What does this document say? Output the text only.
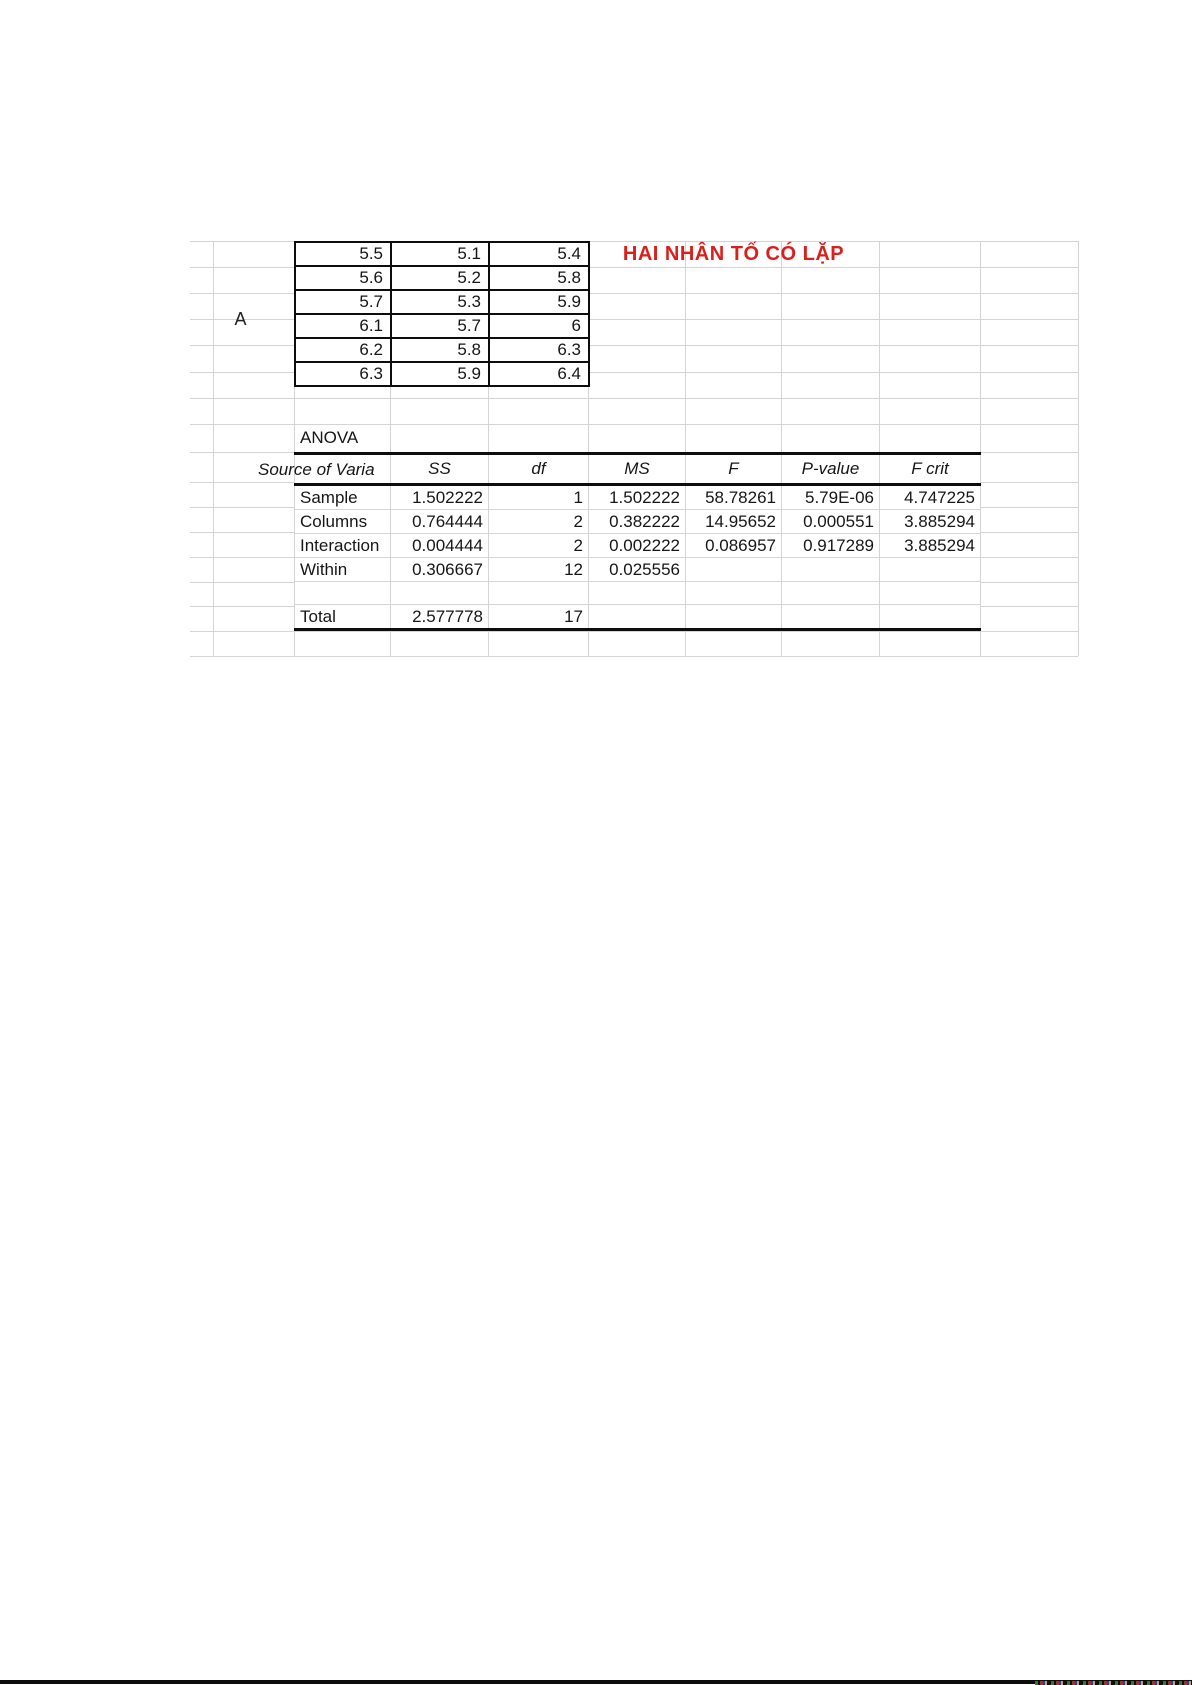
A
5.5	5.1	5.4
5.6	5.2	5.8
5.7	5.3	5.9
6.1	5.7	6
6.2	5.8	6.3
6.3	5.9	6.4
HAI NHÂN TỐ CÓ LẶP
ANOVA
Source of Varia	SS	df	MS	F	P-value	F crit
Sample	1.502222	1	1.502222	58.78261	5.79E-06	4.747225
Columns	0.764444	2	0.382222	14.95652	0.000551	3.885294
Interaction	0.004444	2	0.002222	0.086957	0.917289	3.885294
Within	0.306667	12	0.025556			

Total	2.577778	17				
